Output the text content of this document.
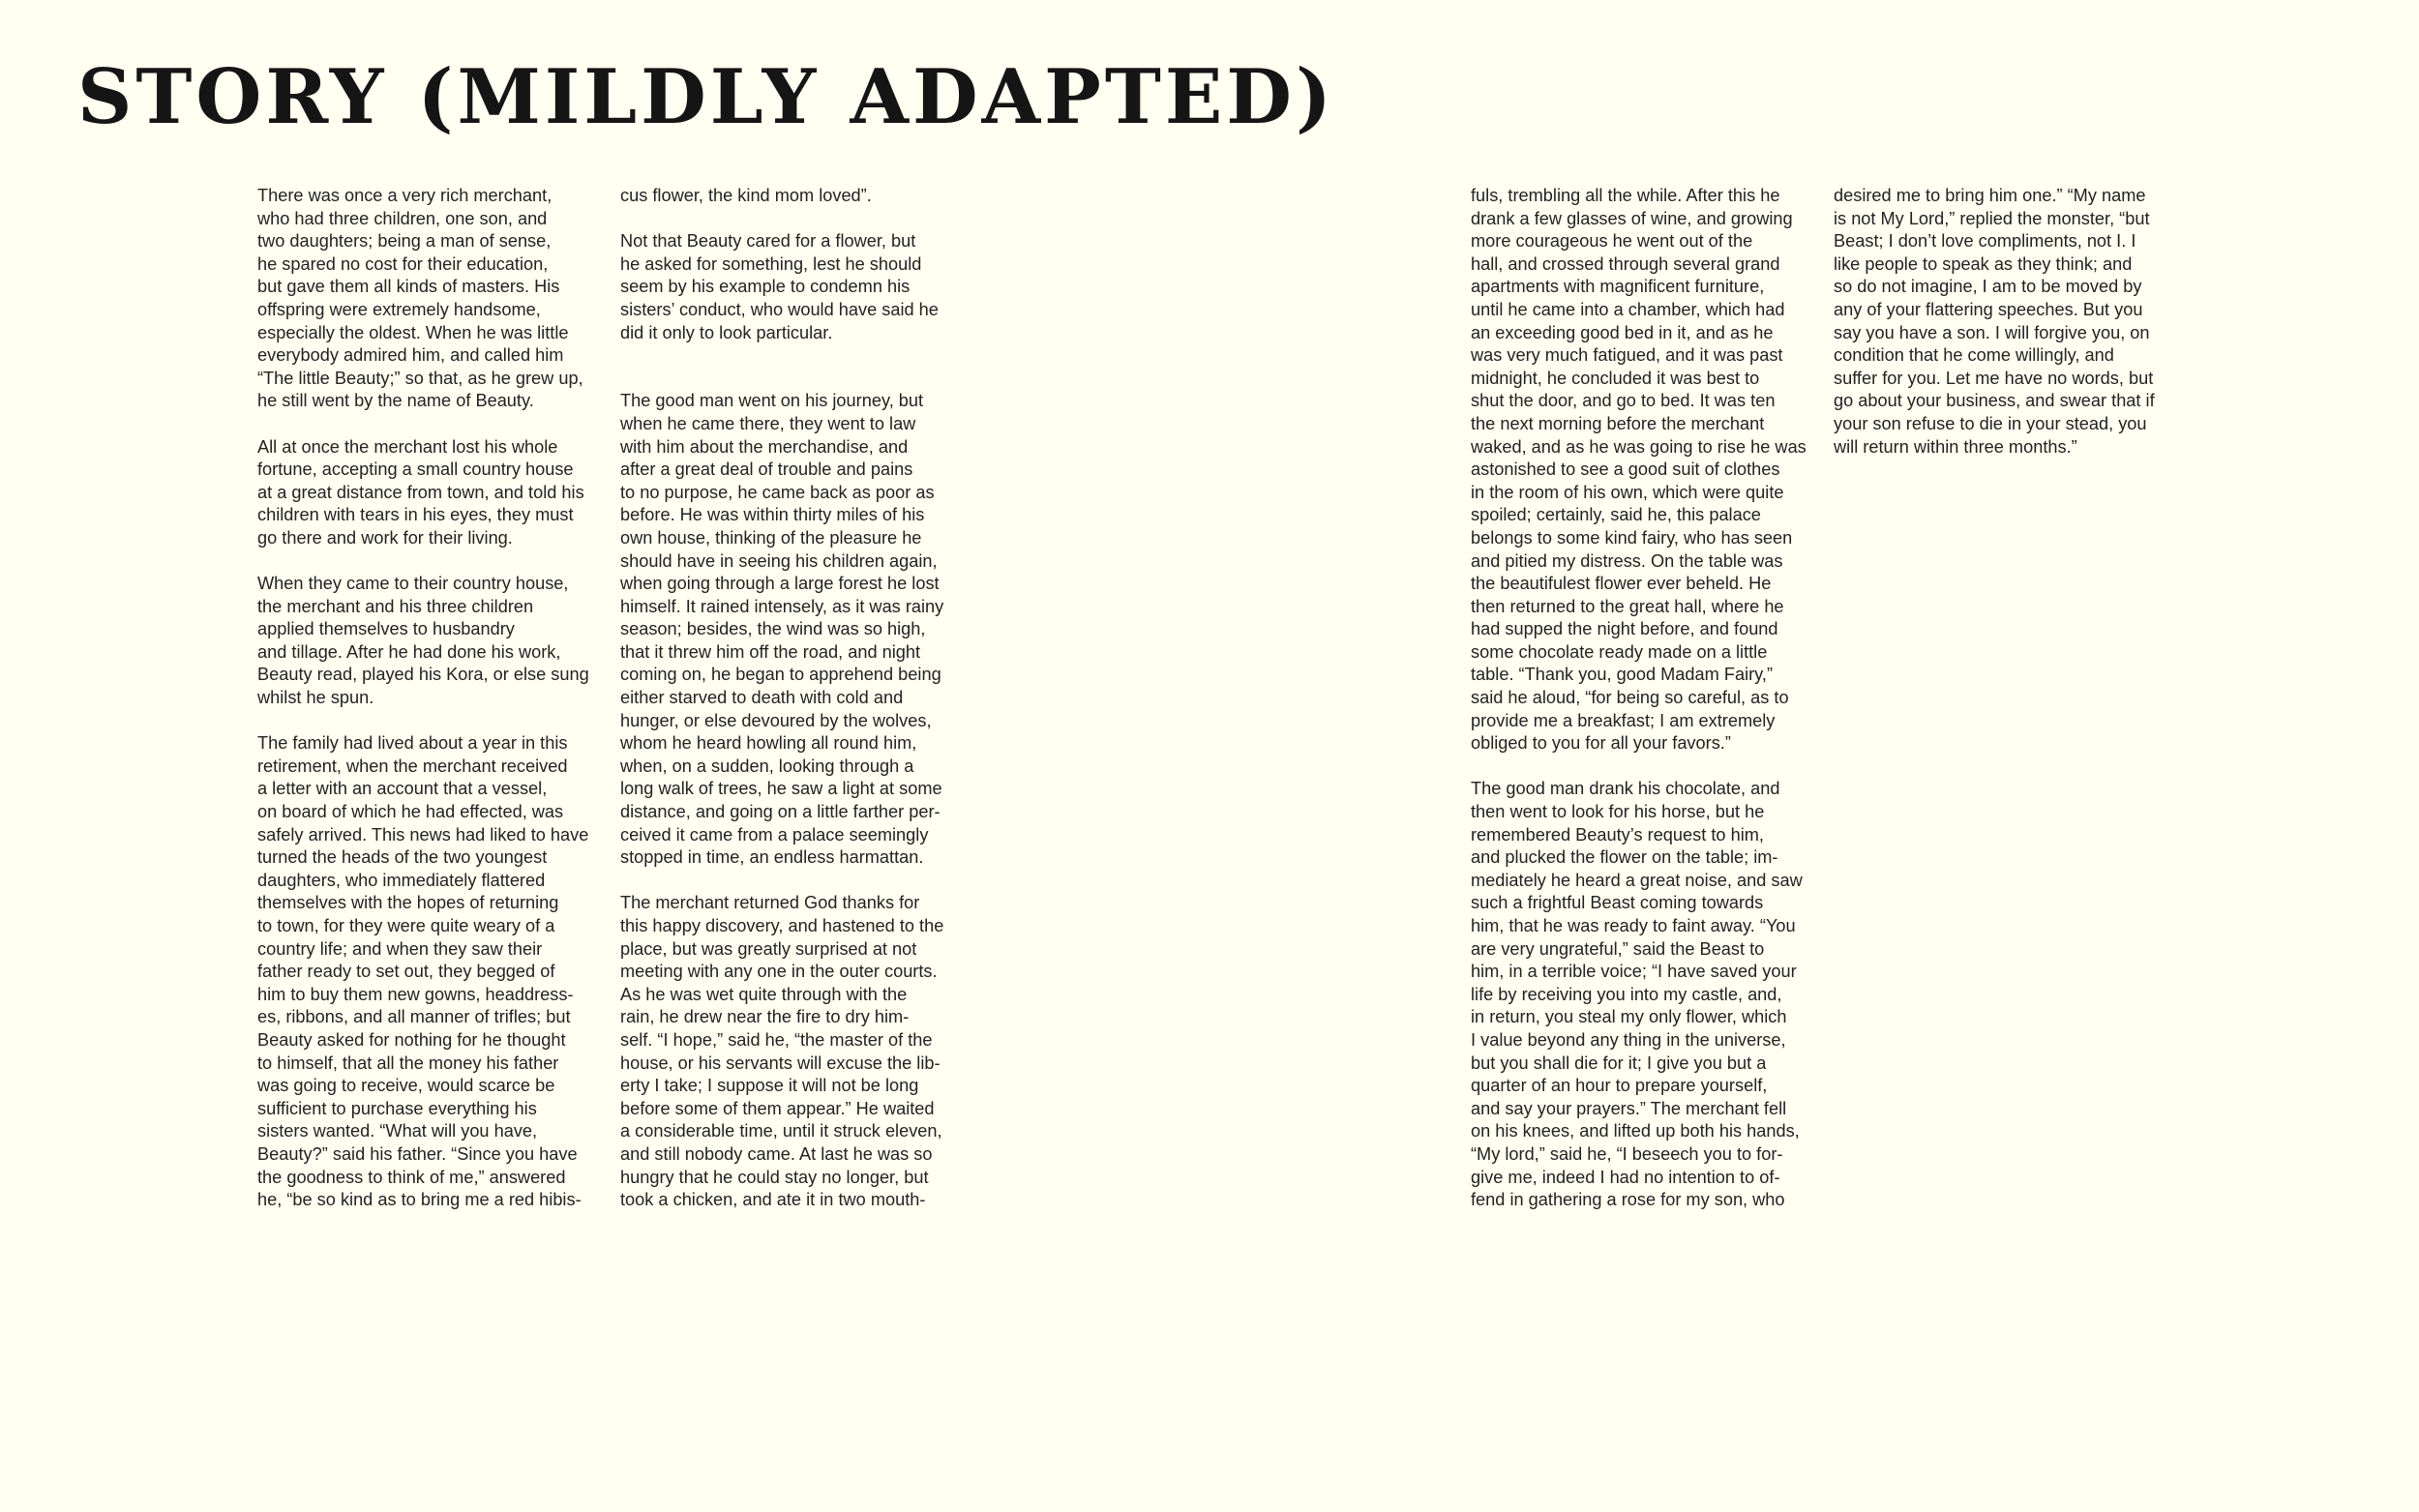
STORY (MILDLY ADAPTED)

There was once a very rich merchant,
who had three children, one son, and
two daughters; being a man of sense,
he spared no cost for their education,
but gave them all kinds of masters. His
offspring were extremely handsome,
especially the oldest. When he was little
everybody admired him, and called him
“The little Beauty;” so that, as he grew up,
he still went by the name of Beauty.

All at once the merchant lost his whole
fortune, accepting a small country house
at a great distance from town, and told his
children with tears in his eyes, they must
go there and work for their living.

When they came to their country house,
the merchant and his three children
applied themselves to husbandry
and tillage. After he had done his work,
Beauty read, played his Kora, or else sung
whilst he spun.

The family had lived about a year in this
retirement, when the merchant received
a letter with an account that a vessel,
on board of which he had effected, was
safely arrived. This news had liked to have
turned the heads of the two youngest
daughters, who immediately flattered
themselves with the hopes of returning
to town, for they were quite weary of a
country life; and when they saw their
father ready to set out, they begged of
him to buy them new gowns, headdress-
es, ribbons, and all manner of trifles; but
Beauty asked for nothing for he thought
to himself, that all the money his father
was going to receive, would scarce be
sufficient to purchase everything his
sisters wanted. “What will you have,
Beauty?” said his father. “Since you have
the goodness to think of me,” answered
he, “be so kind as to bring me a red hibis-

cus flower, the kind mom loved”.

Not that Beauty cared for a flower, but
he asked for something, lest he should
seem by his example to condemn his
sisters’ conduct, who would have said he
did it only to look particular.

The good man went on his journey, but
when he came there, they went to law
with him about the merchandise, and
after a great deal of trouble and pains
to no purpose, he came back as poor as
before. He was within thirty miles of his
own house, thinking of the pleasure he
should have in seeing his children again,
when going through a large forest he lost
himself. It rained intensely, as it was rainy
season; besides, the wind was so high,
that it threw him off the road, and night
coming on, he began to apprehend being
either starved to death with cold and
hunger, or else devoured by the wolves,
whom he heard howling all round him,
when, on a sudden, looking through a
long walk of trees, he saw a light at some
distance, and going on a little farther per-
ceived it came from a palace seemingly
stopped in time, an endless harmattan.

The merchant returned God thanks for
this happy discovery, and hastened to the
place, but was greatly surprised at not
meeting with any one in the outer courts.
As he was wet quite through with the
rain, he drew near the fire to dry him-
self. “I hope,” said he, “the master of the
house, or his servants will excuse the lib-
erty I take; I suppose it will not be long
before some of them appear.” He waited
a considerable time, until it struck eleven,
and still nobody came. At last he was so
hungry that he could stay no longer, but
took a chicken, and ate it in two mouth-

fuls, trembling all the while. After this he
drank a few glasses of wine, and growing
more courageous he went out of the
hall, and crossed through several grand
apartments with magnificent furniture,
until he came into a chamber, which had
an exceeding good bed in it, and as he
was very much fatigued, and it was past
midnight, he concluded it was best to
shut the door, and go to bed. It was ten
the next morning before the merchant
waked, and as he was going to rise he was
astonished to see a good suit of clothes
in the room of his own, which were quite
spoiled; certainly, said he, this palace
belongs to some kind fairy, who has seen
and pitied my distress. On the table was
the beautifulest flower ever beheld. He
then returned to the great hall, where he
had supped the night before, and found
some chocolate ready made on a little
table. “Thank you, good Madam Fairy,”
said he aloud, “for being so careful, as to
provide me a breakfast; I am extremely
obliged to you for all your favors.”

The good man drank his chocolate, and
then went to look for his horse, but he
remembered Beauty’s request to him,
and plucked the flower on the table; im-
mediately he heard a great noise, and saw
such a frightful Beast coming towards
him, that he was ready to faint away. “You
are very ungrateful,” said the Beast to
him, in a terrible voice; “I have saved your
life by receiving you into my castle, and,
in return, you steal my only flower, which
I value beyond any thing in the universe,
but you shall die for it; I give you but a
quarter of an hour to prepare yourself,
and say your prayers.” The merchant fell
on his knees, and lifted up both his hands,
“My lord,” said he, “I beseech you to for-
give me, indeed I had no intention to of-
fend in gathering a rose for my son, who

desired me to bring him one.” “My name
is not My Lord,” replied the monster, “but
Beast; I don’t love compliments, not I. I
like people to speak as they think; and
so do not imagine, I am to be moved by
any of your flattering speeches. But you
say you have a son. I will forgive you, on
condition that he come willingly, and
suffer for you. Let me have no words, but
go about your business, and swear that if
your son refuse to die in your stead, you
will return within three months.”
